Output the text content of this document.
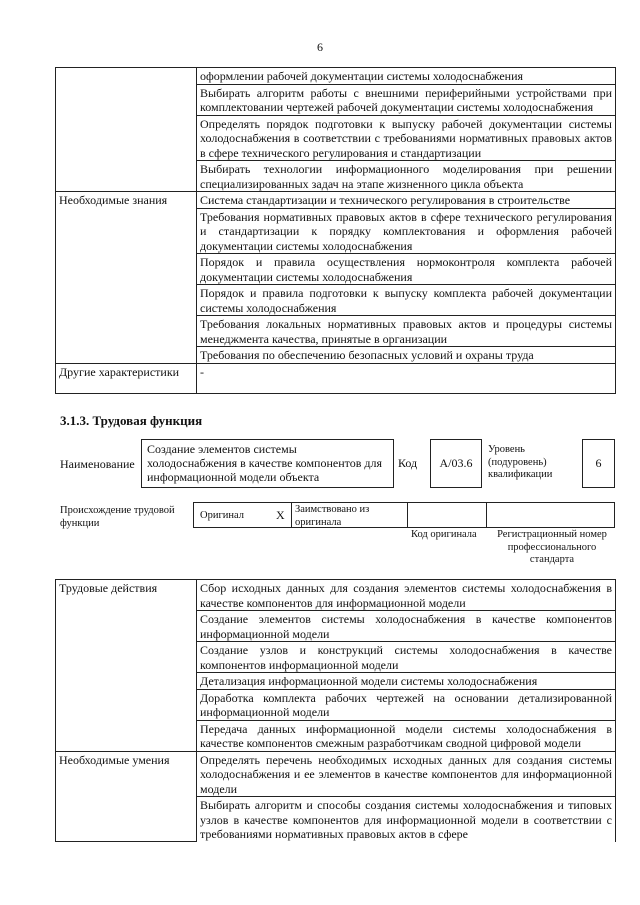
6
	оформлении рабочей документации системы холодоснабжения
	Выбирать алгоритм работы с внешними периферийными устройствами при комплектовании чертежей рабочей документации системы холодоснабжения
	Определять порядок подготовки к выпуску рабочей документации системы холодоснабжения в соответствии с требованиями нормативных правовых актов в сфере технического регулирования и стандартизации
	Выбирать технологии информационного моделирования при решении специализированных задач на этапе жизненного цикла объекта
Необходимые знания	Система стандартизации и технического регулирования в строительстве
	Требования нормативных правовых актов в сфере технического регулирования и стандартизации к порядку комплектования и оформления рабочей документации системы холодоснабжения
	Порядок и правила осуществления нормоконтроля комплекта рабочей документации системы холодоснабжения
	Порядок и правила подготовки к выпуску комплекта рабочей документации системы холодоснабжения
	Требования локальных нормативных правовых актов и процедуры системы менеджмента качества, принятые в организации
	Требования по обеспечению безопасных условий и охраны труда
Другие характеристики	-
3.1.3. Трудовая функция
Наименование
Создание элементов системы холодоснабжения в качестве компонентов для информационной модели объекта
Код	A/03.6
Уровень (подуровень) квалификации
6
Происхождение трудовой функции
Оригинал	X Заимствовано из оригинала
Код оригинала	Регистрационный номер профессионального стандарта
Трудовые действия	Сбор исходных данных для создания элементов системы холодоснабжения в качестве компонентов для информационной модели
	Создание элементов системы холодоснабжения в качестве компонентов информационной модели
	Создание узлов и конструкций системы холодоснабжения в качестве компонентов информационной модели
	Детализация информационной модели системы холодоснабжения
	Доработка комплекта рабочих чертежей на основании детализированной информационной модели
	Передача данных информационной модели системы холодоснабжения в качестве компонентов смежным разработчикам сводной цифровой модели
Необходимые умения	Определять перечень необходимых исходных данных для создания системы холодоснабжения и ее элементов в качестве компонентов для информационной модели
	Выбирать алгоритм и способы создания системы холодоснабжения и типовых узлов в качестве компонентов для информационной модели в соответствии с требованиями нормативных правовых актов в сфере
